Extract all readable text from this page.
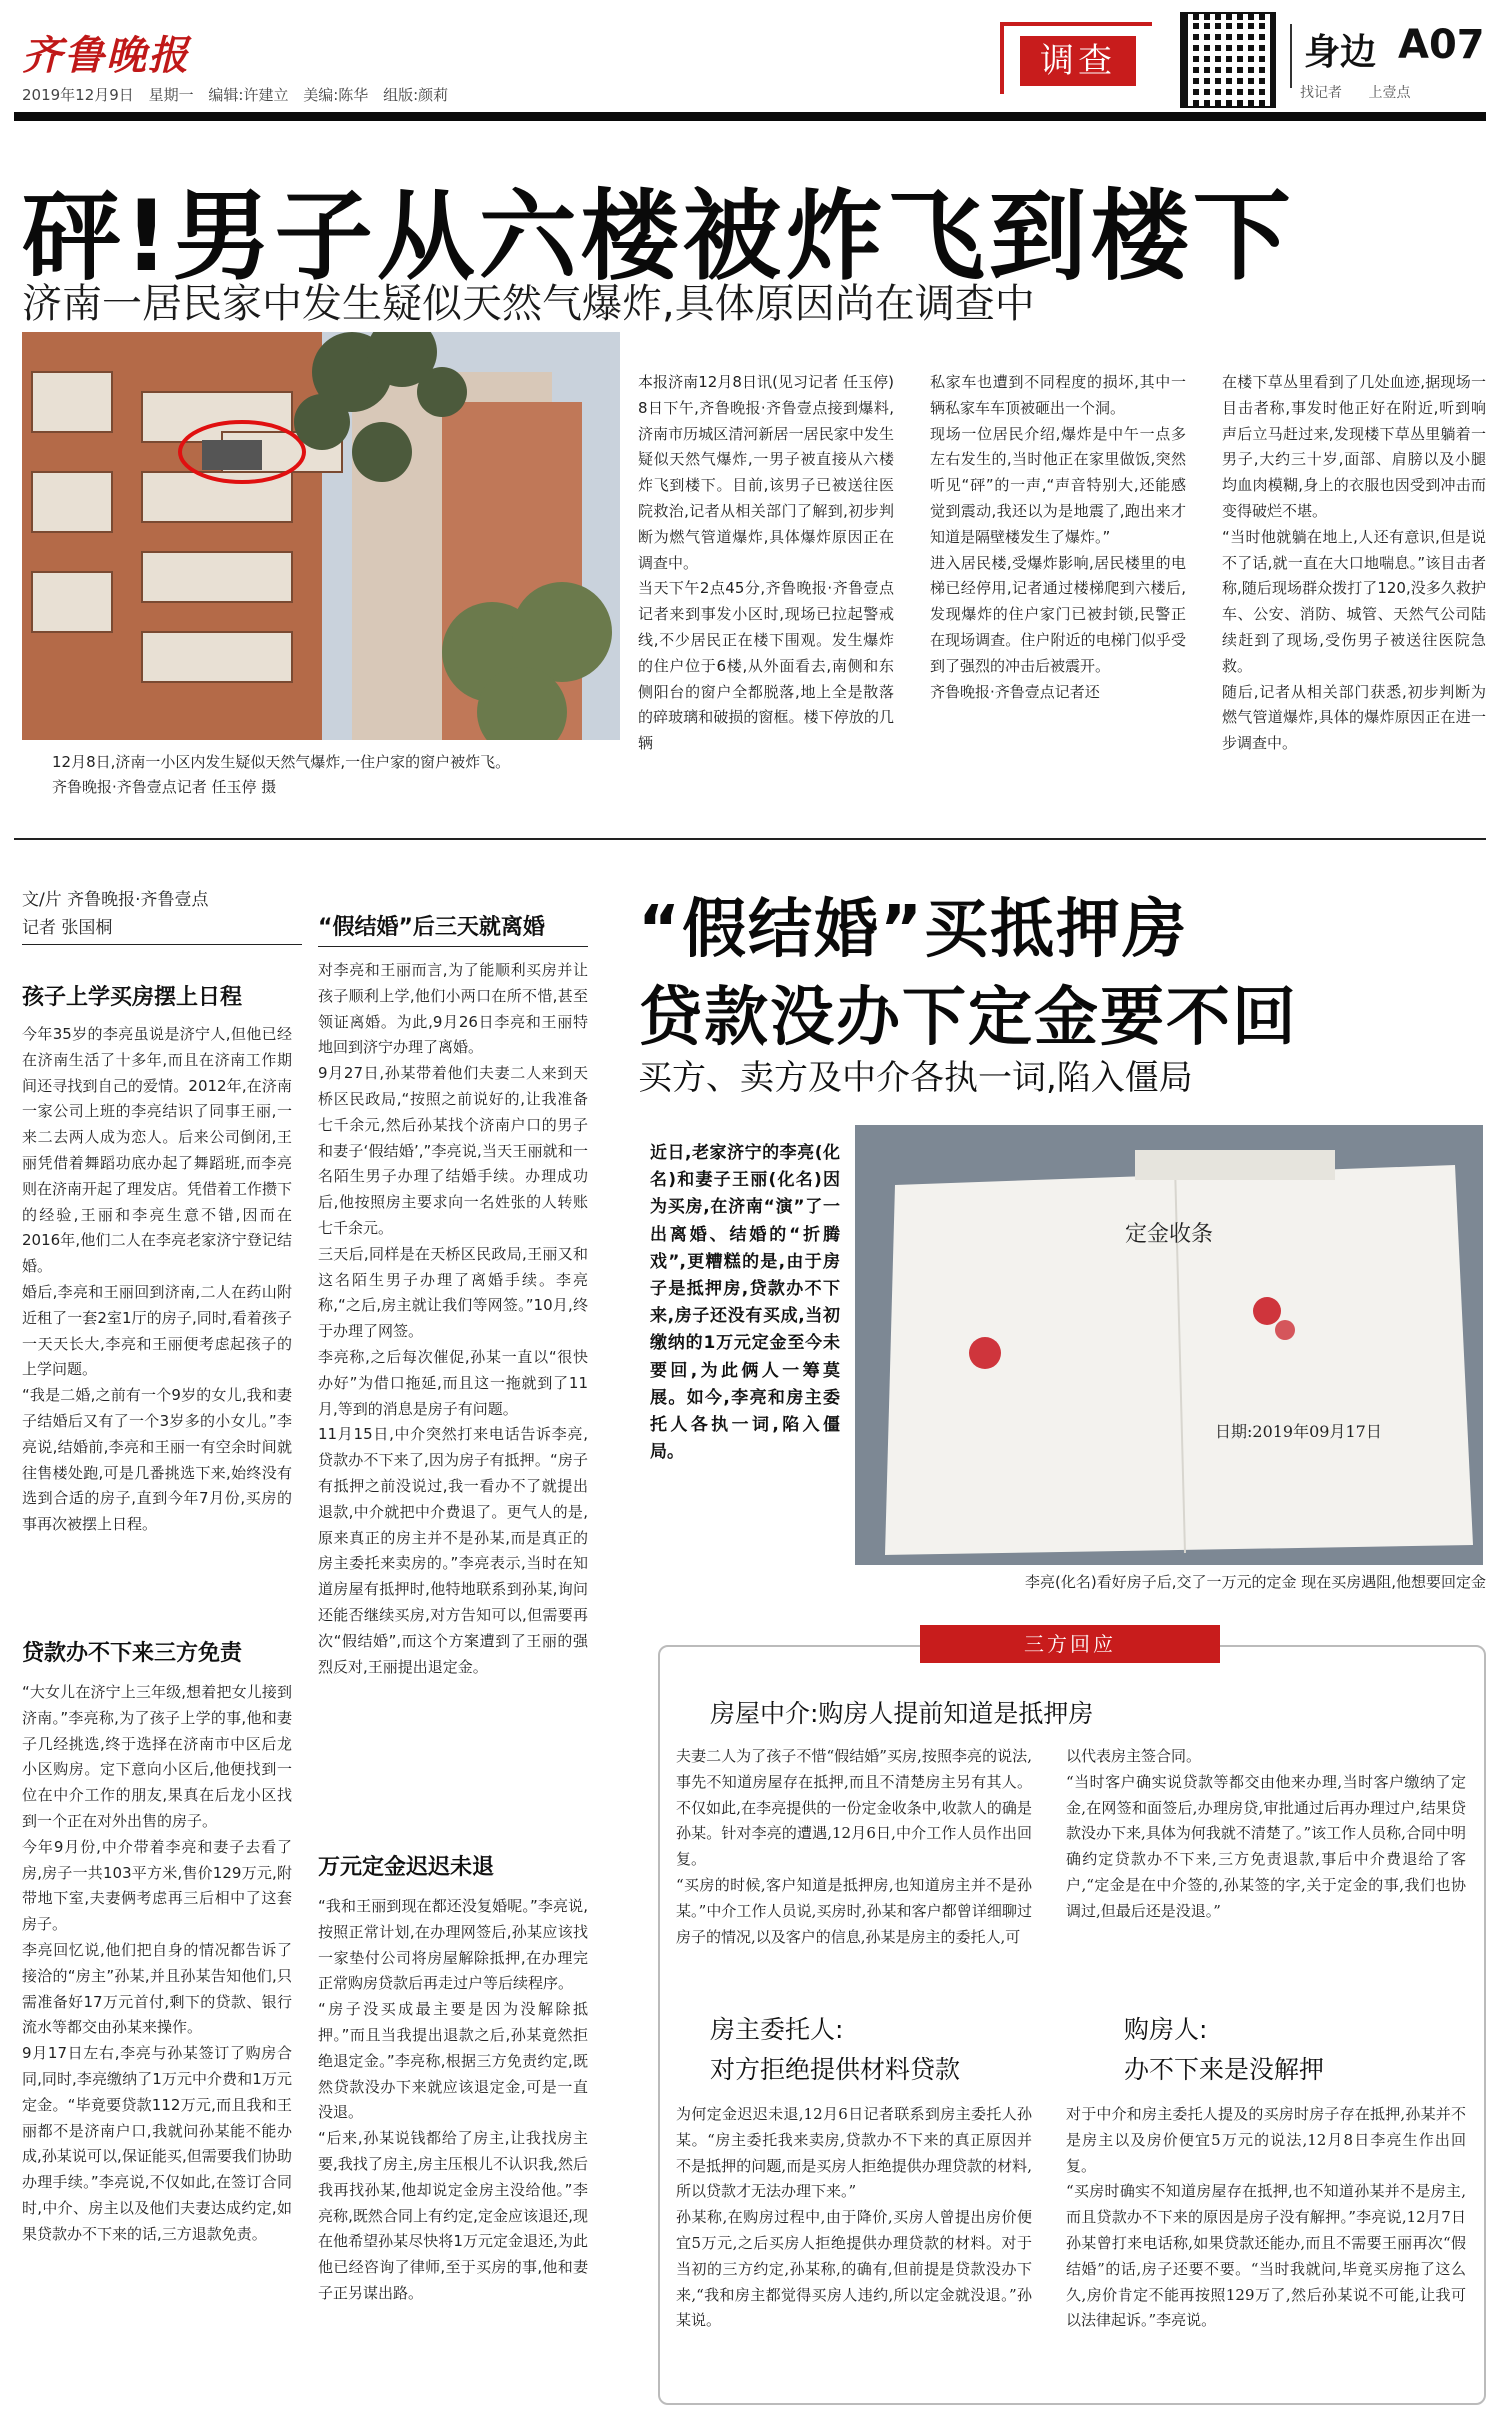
齐鲁晚报
2019年12月9日 星期一 编辑:许建立 美编:陈华 组版:颜莉
调查	身边 A07
找记者 上壹点
砰!男子从六楼被炸飞到楼下
济南一居民家中发生疑似天然气爆炸,具体原因尚在调查中
12月8日,济南一小区内发生疑似天然气爆炸,一住户家的窗户被炸飞。
齐鲁晚报·齐鲁壹点记者 任玉停 摄
本报济南12月8日讯(见习记者 任玉停) 8日下午,齐鲁晚报·齐鲁壹点接到爆料,济南市历城区清河新居一居民家中发生疑似天然气爆炸,一男子被直接从六楼炸飞到楼下。目前,该男子已被送往医院救治,记者从相关部门了解到,初步判断为燃气管道爆炸,具体爆炸原因正在调查中。
当天下午2点45分,齐鲁晚报·齐鲁壹点记者来到事发小区时,现场已拉起警戒线,不少居民正在楼下围观。发生爆炸的住户位于6楼,从外面看去,南侧和东侧阳台的窗户全都脱落,地上全是散落的碎玻璃和破损的窗框。楼下停放的几辆
私家车也遭到不同程度的损坏,其中一辆私家车车顶被砸出一个洞。
现场一位居民介绍,爆炸是中午一点多左右发生的,当时他正在家里做饭,突然听见“砰”的一声,“声音特别大,还能感觉到震动,我还以为是地震了,跑出来才知道是隔壁楼发生了爆炸。”
进入居民楼,受爆炸影响,居民楼里的电梯已经停用,记者通过楼梯爬到六楼后,发现爆炸的住户家门已被封锁,民警正在现场调查。住户附近的电梯门似乎受到了强烈的冲击后被震开。
齐鲁晚报·齐鲁壹点记者还
在楼下草丛里看到了几处血迹,据现场一目击者称,事发时他正好在附近,听到响声后立马赶过来,发现楼下草丛里躺着一男子,大约三十岁,面部、肩膀以及小腿均血肉模糊,身上的衣服也因受到冲击而变得破烂不堪。
“当时他就躺在地上,人还有意识,但是说不了话,就一直在大口地喘息。”该目击者称,随后现场群众拨打了120,没多久救护车、公安、消防、城管、天然气公司陆续赶到了现场,受伤男子被送往医院急救。
随后,记者从相关部门获悉,初步判断为燃气管道爆炸,具体的爆炸原因正在进一步调查中。
文/片 齐鲁晚报·齐鲁壹点
记者 张国桐
孩子上学买房摆上日程
今年35岁的李亮虽说是济宁人,但他已经在济南生活了十多年,而且在济南工作期间还寻找到自己的爱情。2012年,在济南一家公司上班的李亮结识了同事王丽,一来二去两人成为恋人。后来公司倒闭,王丽凭借着舞蹈功底办起了舞蹈班,而李亮则在济南开起了理发店。凭借着工作攒下的经验,王丽和李亮生意不错,因而在2016年,他们二人在李亮老家济宁登记结婚。
婚后,李亮和王丽回到济南,二人在药山附近租了一套2室1厅的房子,同时,看着孩子一天天长大,李亮和王丽便考虑起孩子的上学问题。
“我是二婚,之前有一个9岁的女儿,我和妻子结婚后又有了一个3岁多的小女儿。”李亮说,结婚前,李亮和王丽一有空余时间就往售楼处跑,可是几番挑选下来,始终没有选到合适的房子,直到今年7月份,买房的事再次被摆上日程。
贷款办不下来三方免责
“大女儿在济宁上三年级,想着把女儿接到济南。”李亮称,为了孩子上学的事,他和妻子几经挑选,终于选择在济南市中区后龙小区购房。定下意向小区后,他便找到一位在中介工作的朋友,果真在后龙小区找到一个正在对外出售的房子。
今年9月份,中介带着李亮和妻子去看了房,房子一共103平方米,售价129万元,附带地下室,夫妻俩考虑再三后相中了这套房子。
李亮回忆说,他们把自身的情况都告诉了接洽的“房主”孙某,并且孙某告知他们,只需准备好17万元首付,剩下的贷款、银行流水等都交由孙某来操作。
9月17日左右,李亮与孙某签订了购房合同,同时,李亮缴纳了1万元中介费和1万元定金。“毕竟要贷款112万元,而且我和王丽都不是济南户口,我就问孙某能不能办成,孙某说可以,保证能买,但需要我们协助办理手续。”李亮说,不仅如此,在签订合同时,中介、房主以及他们夫妻达成约定,如果贷款办不下来的话,三方退款免责。
“假结婚”后三天就离婚
对李亮和王丽而言,为了能顺利买房并让孩子顺利上学,他们小两口在所不惜,甚至领证离婚。为此,9月26日李亮和王丽特地回到济宁办理了离婚。
9月27日,孙某带着他们夫妻二人来到天桥区民政局,“按照之前说好的,让我准备七千余元,然后孙某找个济南户口的男子和妻子‘假结婚’,”李亮说,当天王丽就和一名陌生男子办理了结婚手续。办理成功后,他按照房主要求向一名姓张的人转账七千余元。
三天后,同样是在天桥区民政局,王丽又和这名陌生男子办理了离婚手续。李亮称,“之后,房主就让我们等网签。”10月,终于办理了网签。
李亮称,之后每次催促,孙某一直以“很快办好”为借口拖延,而且这一拖就到了11月,等到的消息是房子有问题。
11月15日,中介突然打来电话告诉李亮,贷款办不下来了,因为房子有抵押。“房子有抵押之前没说过,我一看办不了就提出退款,中介就把中介费退了。更气人的是,原来真正的房主并不是孙某,而是真正的房主委托来卖房的。”李亮表示,当时在知道房屋有抵押时,他特地联系到孙某,询问还能否继续买房,对方告知可以,但需要再次“假结婚”,而这个方案遭到了王丽的强烈反对,王丽提出退定金。
万元定金迟迟未退
“我和王丽到现在都还没复婚呢。”李亮说,按照正常计划,在办理网签后,孙某应该找一家垫付公司将房屋解除抵押,在办理完正常购房贷款后再走过户等后续程序。
“房子没买成最主要是因为没解除抵押。”而且当我提出退款之后,孙某竟然拒绝退定金。”李亮称,根据三方免责约定,既然贷款没办下来就应该退定金,可是一直没退。
“后来,孙某说钱都给了房主,让我找房主要,我找了房主,房主压根儿不认识我,然后我再找孙某,他却说定金房主没给他。”李亮称,既然合同上有约定,定金应该退还,现在他希望孙某尽快将1万元定金退还,为此他已经咨询了律师,至于买房的事,他和妻子正另谋出路。
“假结婚”买抵押房
贷款没办下定金要不回
买方、卖方及中介各执一词,陷入僵局
近日,老家济宁的李亮(化名)和妻子王丽(化名)因为买房,在济南“演”了一出离婚、结婚的“折腾戏”,更糟糕的是,由于房子是抵押房,贷款办不下来,房子还没有买成,当初缴纳的1万元定金至今未要回,为此俩人一筹莫展。如今,李亮和房主委托人各执一词,陷入僵局。
定金收条
日期:2019年09月17日
李亮(化名)看好房子后,交了一万元的定金 现在买房遇阻,他想要回定金
三方回应
房屋中介:购房人提前知道是抵押房
夫妻二人为了孩子不惜“假结婚”买房,按照李亮的说法,事先不知道房屋存在抵押,而且不清楚房主另有其人。不仅如此,在李亮提供的一份定金收条中,收款人的确是孙某。针对李亮的遭遇,12月6日,中介工作人员作出回复。
“买房的时候,客户知道是抵押房,也知道房主并不是孙某。”中介工作人员说,买房时,孙某和客户都曾详细聊过房子的情况,以及客户的信息,孙某是房主的委托人,可
以代表房主签合同。
“当时客户确实说贷款等都交由他来办理,当时客户缴纳了定金,在网签和面签后,办理房贷,审批通过后再办理过户,结果贷款没办下来,具体为何我就不清楚了。”该工作人员称,合同中明确约定贷款办不下来,三方免责退款,事后中介费退给了客户,“定金是在中介签的,孙某签的字,关于定金的事,我们也协调过,但最后还是没退。”
房主委托人:
对方拒绝提供材料贷款
为何定金迟迟未退,12月6日记者联系到房主委托人孙某。“房主委托我来卖房,贷款办不下来的真正原因并不是抵押的问题,而是买房人拒绝提供办理贷款的材料,所以贷款才无法办理下来。”
孙某称,在购房过程中,由于降价,买房人曾提出房价便宜5万元,之后买房人拒绝提供办理贷款的材料。对于当初的三方约定,孙某称,的确有,但前提是贷款没办下来,“我和房主都觉得买房人违约,所以定金就没退。”孙某说。
购房人:
办不下来是没解押
对于中介和房主委托人提及的买房时房子存在抵押,孙某并不是房主以及房价便宜5万元的说法,12月8日李亮生作出回复。
“买房时确实不知道房屋存在抵押,也不知道孙某并不是房主,而且贷款办不下来的原因是房子没有解押。”李亮说,12月7日孙某曾打来电话称,如果贷款还能办,而且不需要王丽再次“假结婚”的话,房子还要不要。“当时我就问,毕竟买房拖了这么久,房价肯定不能再按照129万了,然后孙某说不可能,让我可以法律起诉。”李亮说。
